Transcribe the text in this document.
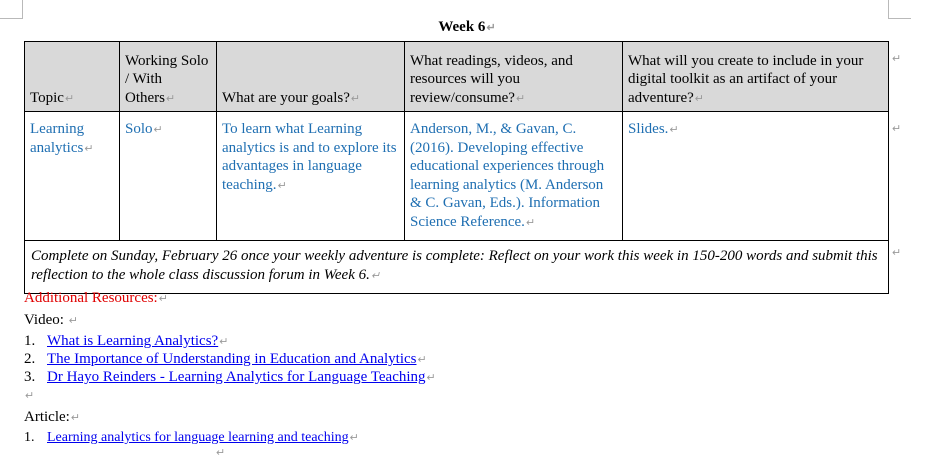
Week 6↵
Topic↵	Working Solo / With Others↵	What are your goals?↵	What readings, videos, and resources will you review/consume?↵	What will you create to include in your digital toolkit as an artifact of your adventure?↵
Learning analytics↵	Solo↵	To learn what Learning analytics is and to explore its advantages in language teaching.↵	Anderson, M., & Gavan, C. (2016). Developing effective educational experiences through learning analytics (M. Anderson & C. Gavan, Eds.). Information Science Reference.↵	Slides.↵
Complete on Sunday, February 26 once your weekly adventure is complete: Reflect on your work this week in 150-200 words and submit this reflection to the whole class discussion forum in Week 6.↵				
↵
↵
↵
Additional Resources:↵
Video: ↵
1. What is Learning Analytics?↵
2. The Importance of Understanding in Education and Analytics↵
3. Dr Hayo Reinders - Learning Analytics for Language Teaching↵
↵
Article:↵
1. Learning analytics for language learning and teaching↵
↵
